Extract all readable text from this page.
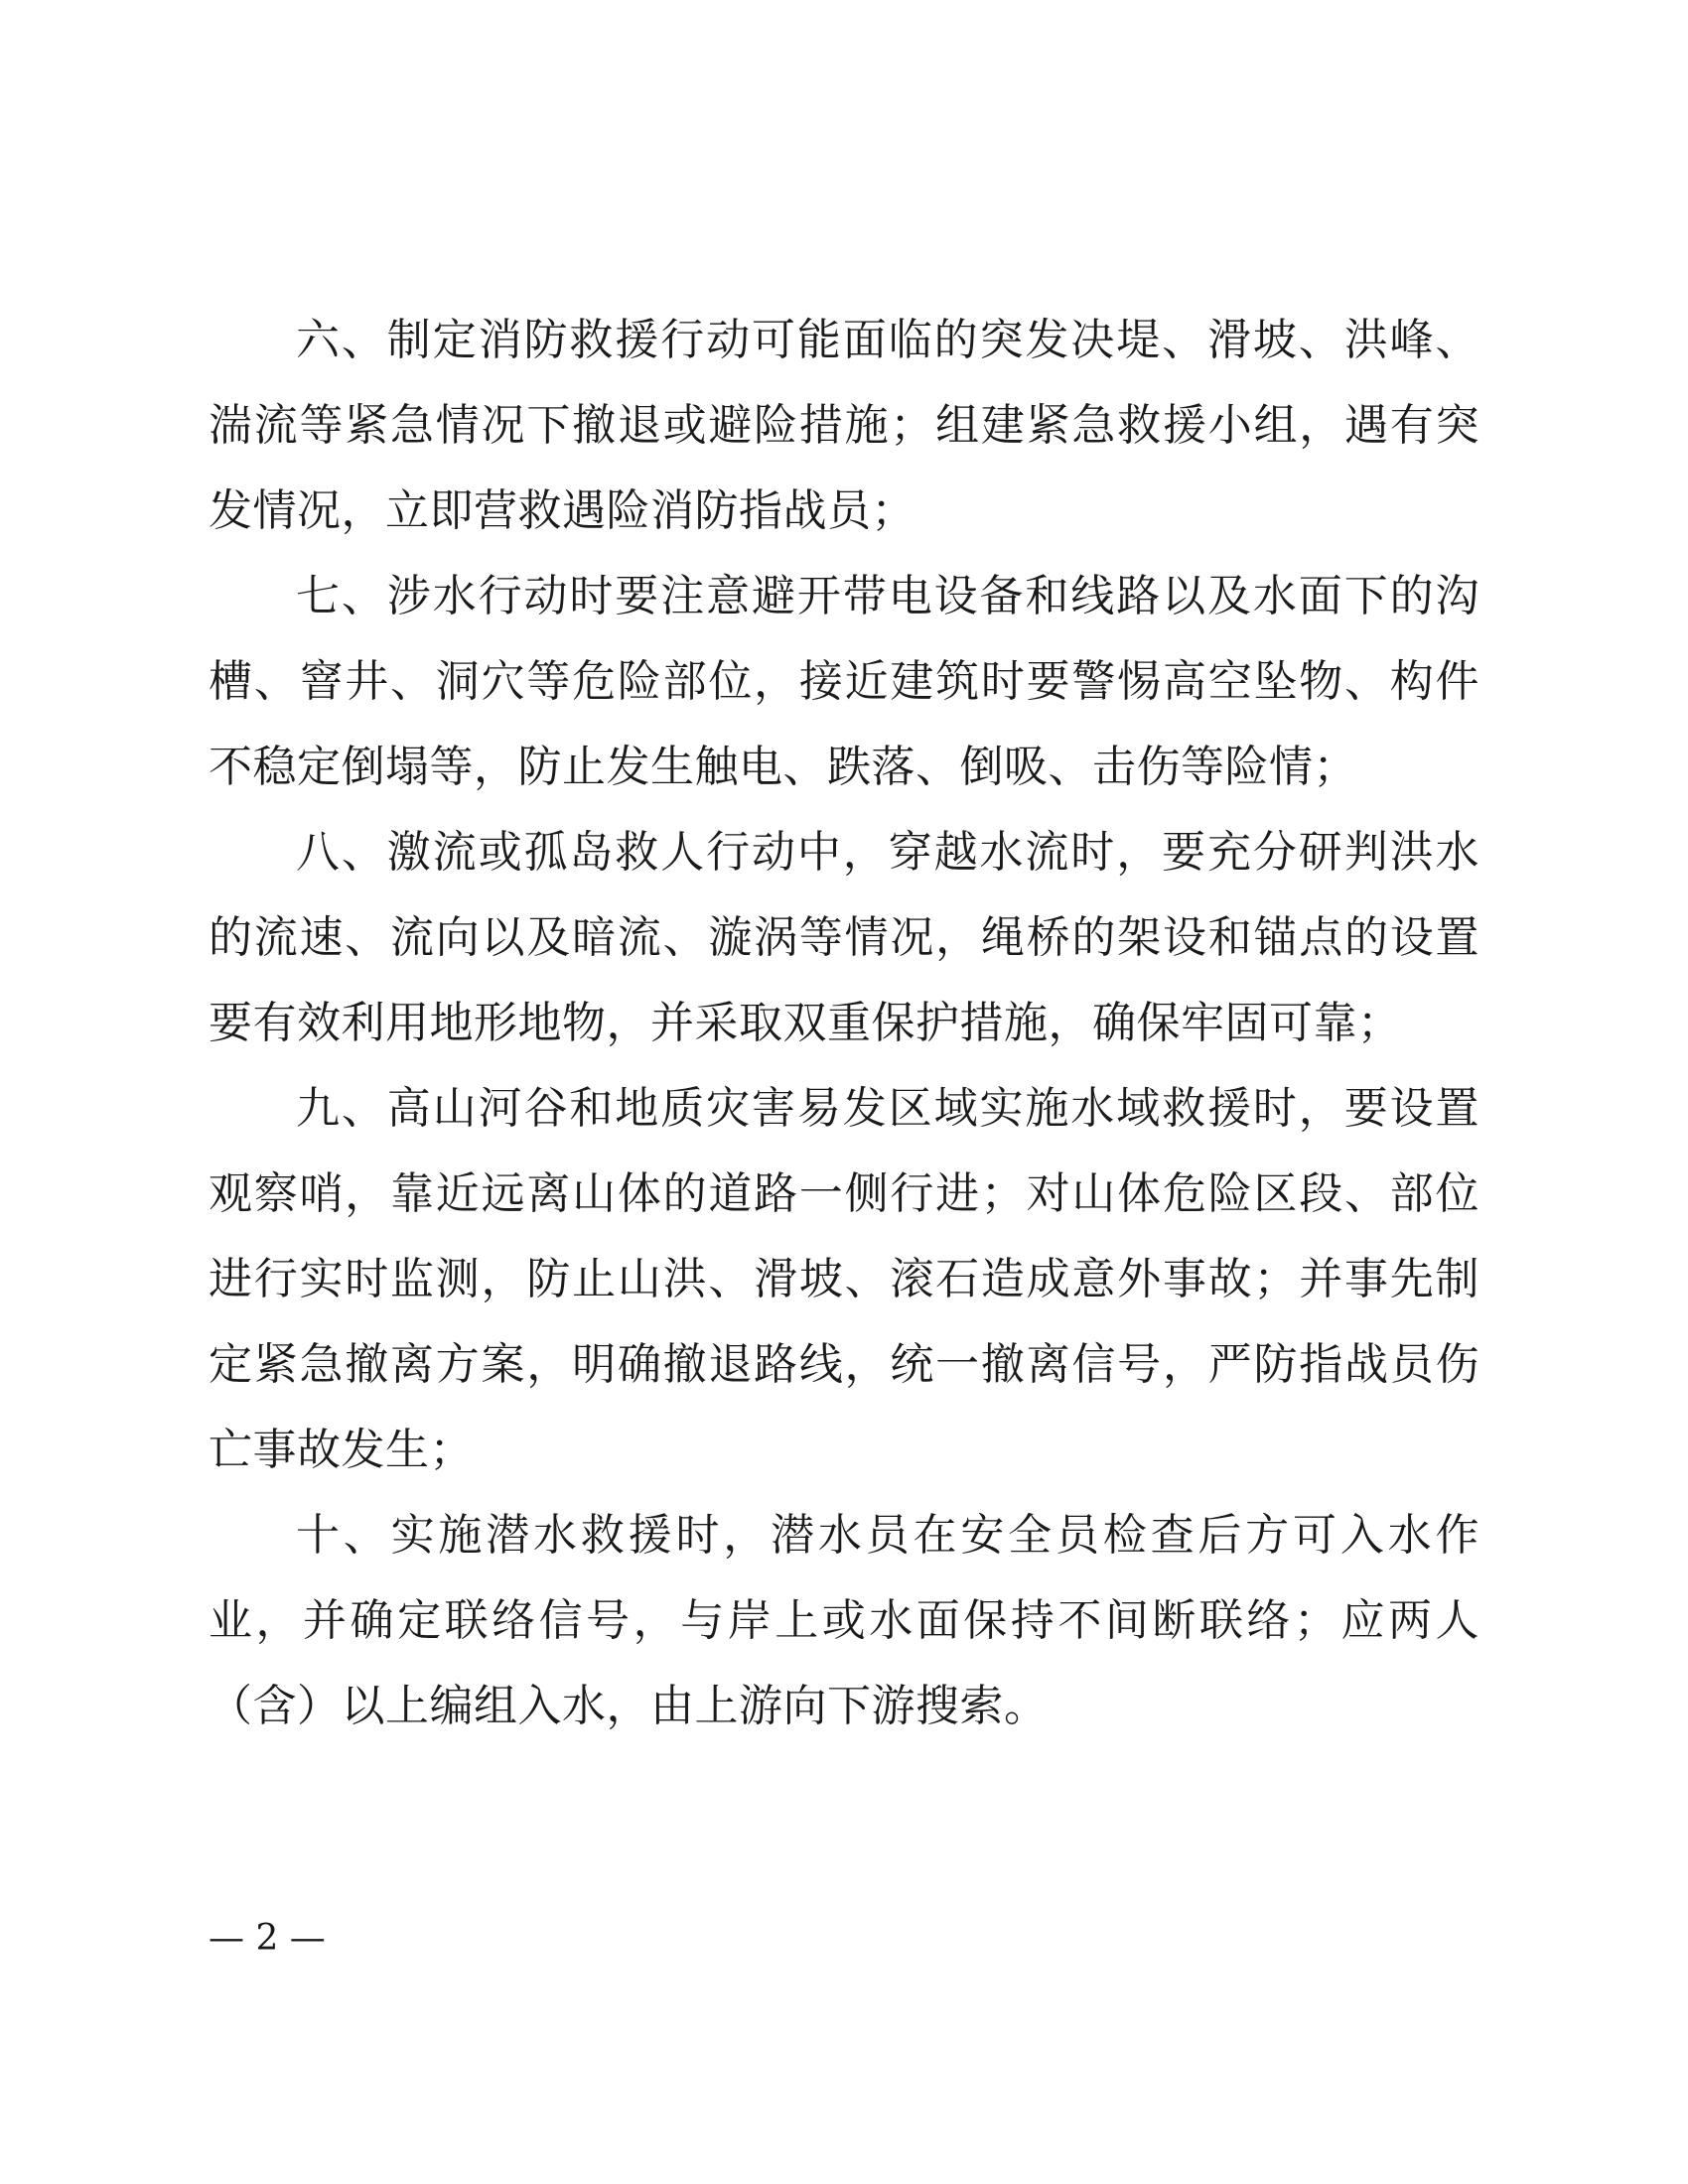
六、制定消防救援行动可能面临的突发决堤、滑坡、洪峰、湍流等紧急情况下撤退或避险措施；组建紧急救援小组，遇有突发情况，立即营救遇险消防指战员；

七、涉水行动时要注意避开带电设备和线路以及水面下的沟槽、窨井、洞穴等危险部位，接近建筑时要警惕高空坠物、构件不稳定倒塌等，防止发生触电、跌落、倒吸、击伤等险情；

八、激流或孤岛救人行动中，穿越水流时，要充分研判洪水的流速、流向以及暗流、漩涡等情况，绳桥的架设和锚点的设置要有效利用地形地物，并采取双重保护措施，确保牢固可靠；

九、高山河谷和地质灾害易发区域实施水域救援时，要设置观察哨，靠近远离山体的道路一侧行进；对山体危险区段、部位进行实时监测，防止山洪、滑坡、滚石造成意外事故；并事先制定紧急撤离方案，明确撤退路线，统一撤离信号，严防指战员伤亡事故发生；

十、实施潜水救援时，潜水员在安全员检查后方可入水作业，并确定联络信号，与岸上或水面保持不间断联络；应两人（含）以上编组入水，由上游向下游搜索。

— 2 —
